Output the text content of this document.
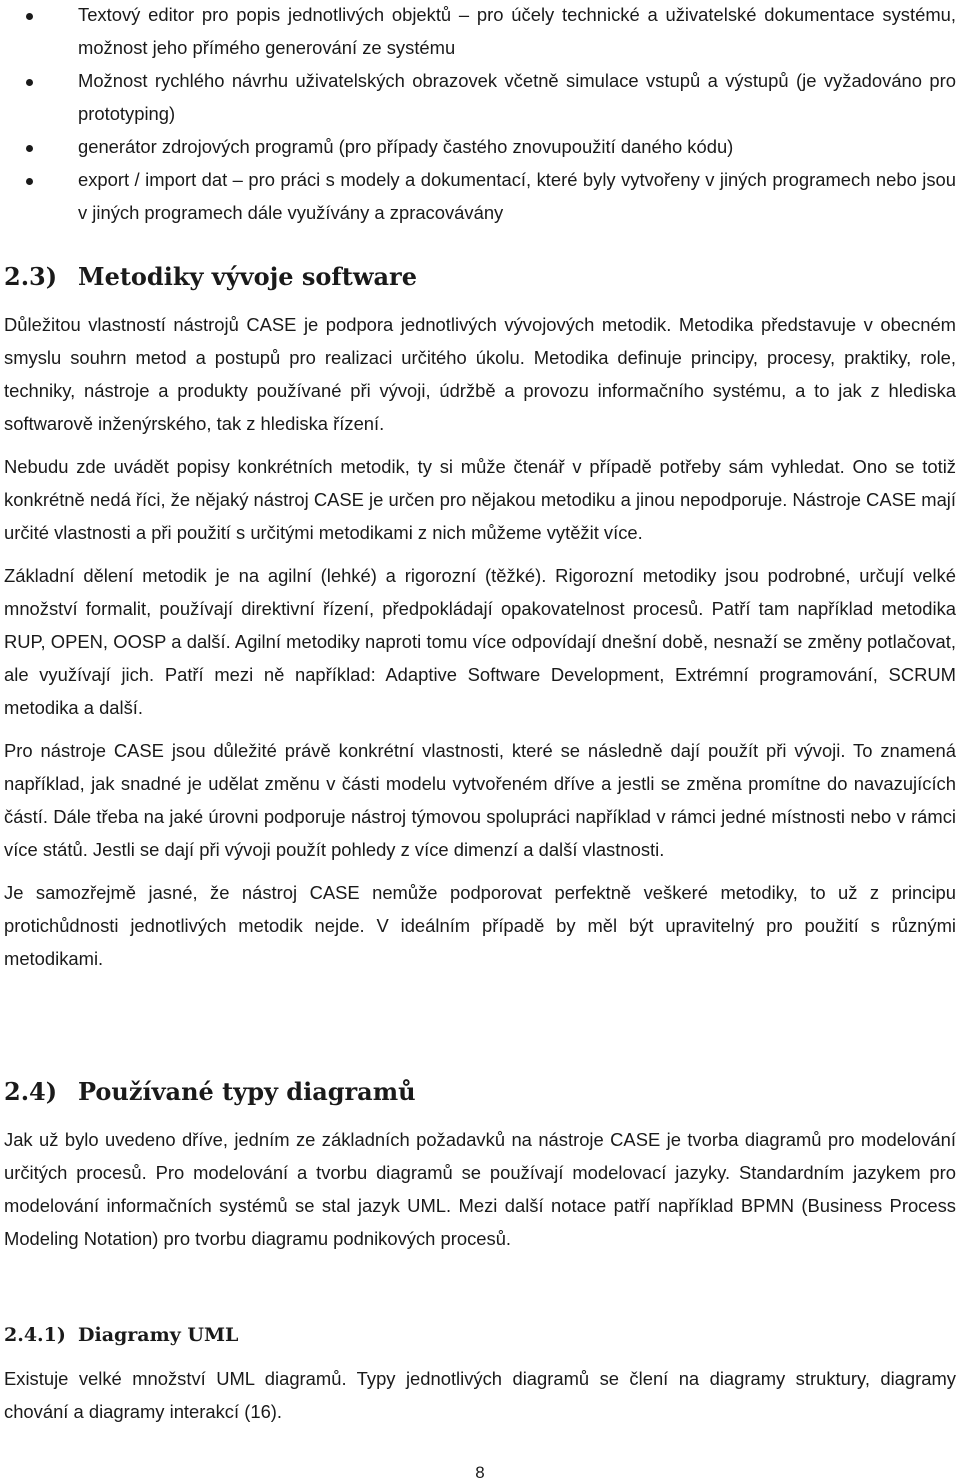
Textový editor pro popis jednotlivých objektů – pro účely technické a uživatelské dokumentace systému, možnost jeho přímého generování ze systému
Možnost rychlého návrhu uživatelských obrazovek včetně simulace vstupů a výstupů (je vyžadováno pro prototyping)
generátor zdrojových programů (pro případy častého znovupoužití daného kódu)
export / import dat – pro práci s modely a dokumentací, které byly vytvořeny v jiných programech nebo jsou v jiných programech dále využívány a zpracovávány
2.3) Metodiky vývoje software

Důležitou vlastností nástrojů CASE je podpora jednotlivých vývojových metodik. Metodika představuje v obecném smyslu souhrn metod a postupů pro realizaci určitého úkolu. Metodika definuje principy, procesy, praktiky, role, techniky, nástroje a produkty používané při vývoji, údržbě a provozu informačního systému, a to jak z hlediska softwarově inženýrského, tak z hlediska řízení.

Nebudu zde uvádět popisy konkrétních metodik, ty si může čtenář v případě potřeby sám vyhledat. Ono se totiž konkrétně nedá říci, že nějaký nástroj CASE je určen pro nějakou metodiku a jinou nepodporuje. Nástroje CASE mají určité vlastnosti a při použití s určitými metodikami z nich můžeme vytěžit více.

Základní dělení metodik je na agilní (lehké) a rigorozní (těžké). Rigorozní metodiky jsou podrobné, určují velké množství formalit, používají direktivní řízení, předpokládají opakovatelnost procesů. Patří tam například metodika RUP, OPEN, OOSP a další. Agilní metodiky naproti tomu více odpovídají dnešní době, nesnaží se změny potlačovat, ale využívají jich. Patří mezi ně například: Adaptive Software Development, Extrémní programování, SCRUM metodika a další.

Pro nástroje CASE jsou důležité právě konkrétní vlastnosti, které se následně dají použít při vývoji. To znamená například, jak snadné je udělat změnu v části modelu vytvořeném dříve a jestli se změna promítne do navazujících částí. Dále třeba na jaké úrovni podporuje nástroj týmovou spolupráci například v rámci jedné místnosti nebo v rámci více států. Jestli se dají při vývoji použít pohledy z více dimenzí a další vlastnosti.

Je samozřejmě jasné, že nástroj CASE nemůže podporovat perfektně veškeré metodiky, to už z principu protichůdnosti jednotlivých metodik nejde. V ideálním případě by měl být upravitelný pro použití s různými metodikami.

2.4) Používané typy diagramů

Jak už bylo uvedeno dříve, jedním ze základních požadavků na nástroje CASE je tvorba diagramů pro modelování určitých procesů. Pro modelování a tvorbu diagramů se používají modelovací jazyky. Standardním jazykem pro modelování informačních systémů se stal jazyk UML. Mezi další notace patří například BPMN (Business Process Modeling Notation) pro tvorbu diagramu podnikových procesů.

2.4.1) Diagramy UML

Existuje velké množství UML diagramů. Typy jednotlivých diagramů se člení na diagramy struktury, diagramy chování a diagramy interakcí (16).

8
